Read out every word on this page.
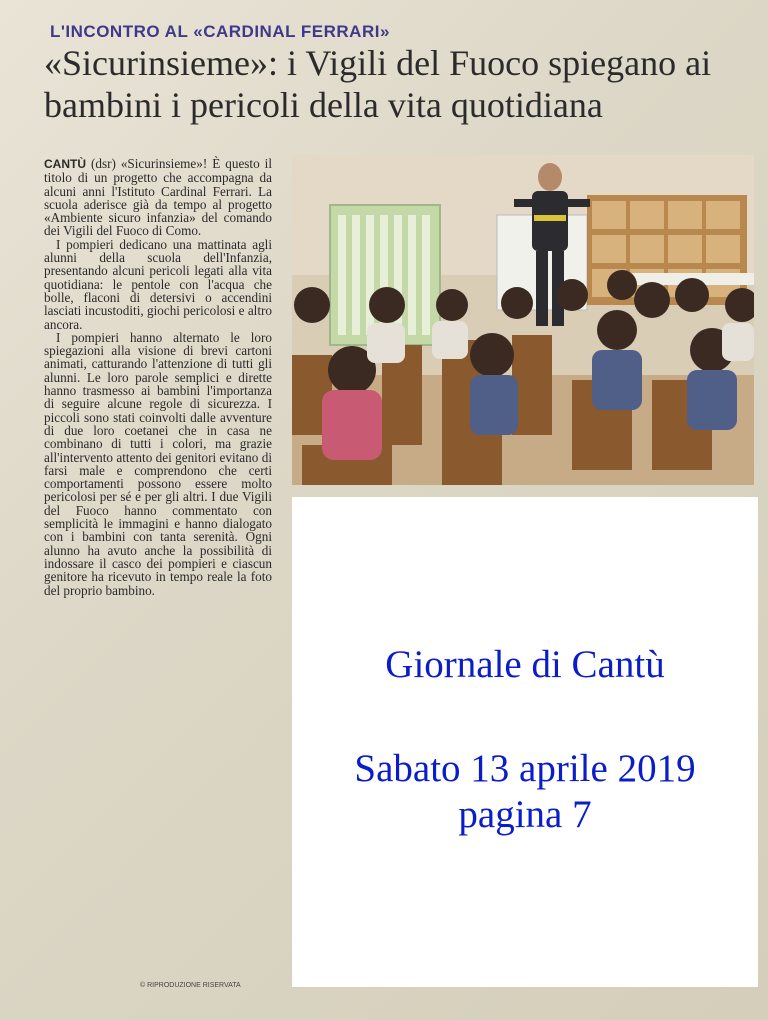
L'INCONTRO AL «CARDINAL FERRARI»
«Sicurinsieme»: i Vigili del Fuoco spiegano ai bambini i pericoli della vita quotidiana

CANTÙ (dsr) «Sicurinsieme»! È questo il titolo di un progetto che accompagna da alcuni anni l'Istituto Cardinal Ferrari. La scuola aderisce già da tempo al progetto «Ambiente sicuro infanzia» del comando dei Vigili del Fuoco di Como.

I pompieri dedicano una mattinata agli alunni della scuola dell'Infanzia, presentando alcuni pericoli legati alla vita quotidiana: le pentole con l'acqua che bolle, flaconi di detersivi o accendini lasciati incustoditi, giochi pericolosi e altro ancora.

I pompieri hanno alternato le loro spiegazioni alla visione di brevi cartoni animati, catturando l'attenzione di tutti gli alunni. Le loro parole semplici e dirette hanno trasmesso ai bambini l'importanza di seguire alcune regole di sicurezza. I piccoli sono stati coinvolti dalle avventure di due loro coetanei che in casa ne combinano di tutti i colori, ma grazie all'intervento attento dei genitori evitano di farsi male e comprendono che certi comportamenti possono essere molto pericolosi per sé e per gli altri. I due Vigili del Fuoco hanno commentato con semplicità le immagini e hanno dialogato con i bambini con tanta serenità. Ogni alunno ha avuto anche la possibilità di indossare il casco dei pompieri e ciascun genitore ha ricevuto in tempo reale la foto del proprio bambino.

© RIPRODUZIONE RISERVATA
Giornale di Cantù
Sabato 13 aprile 2019
pagina 7
